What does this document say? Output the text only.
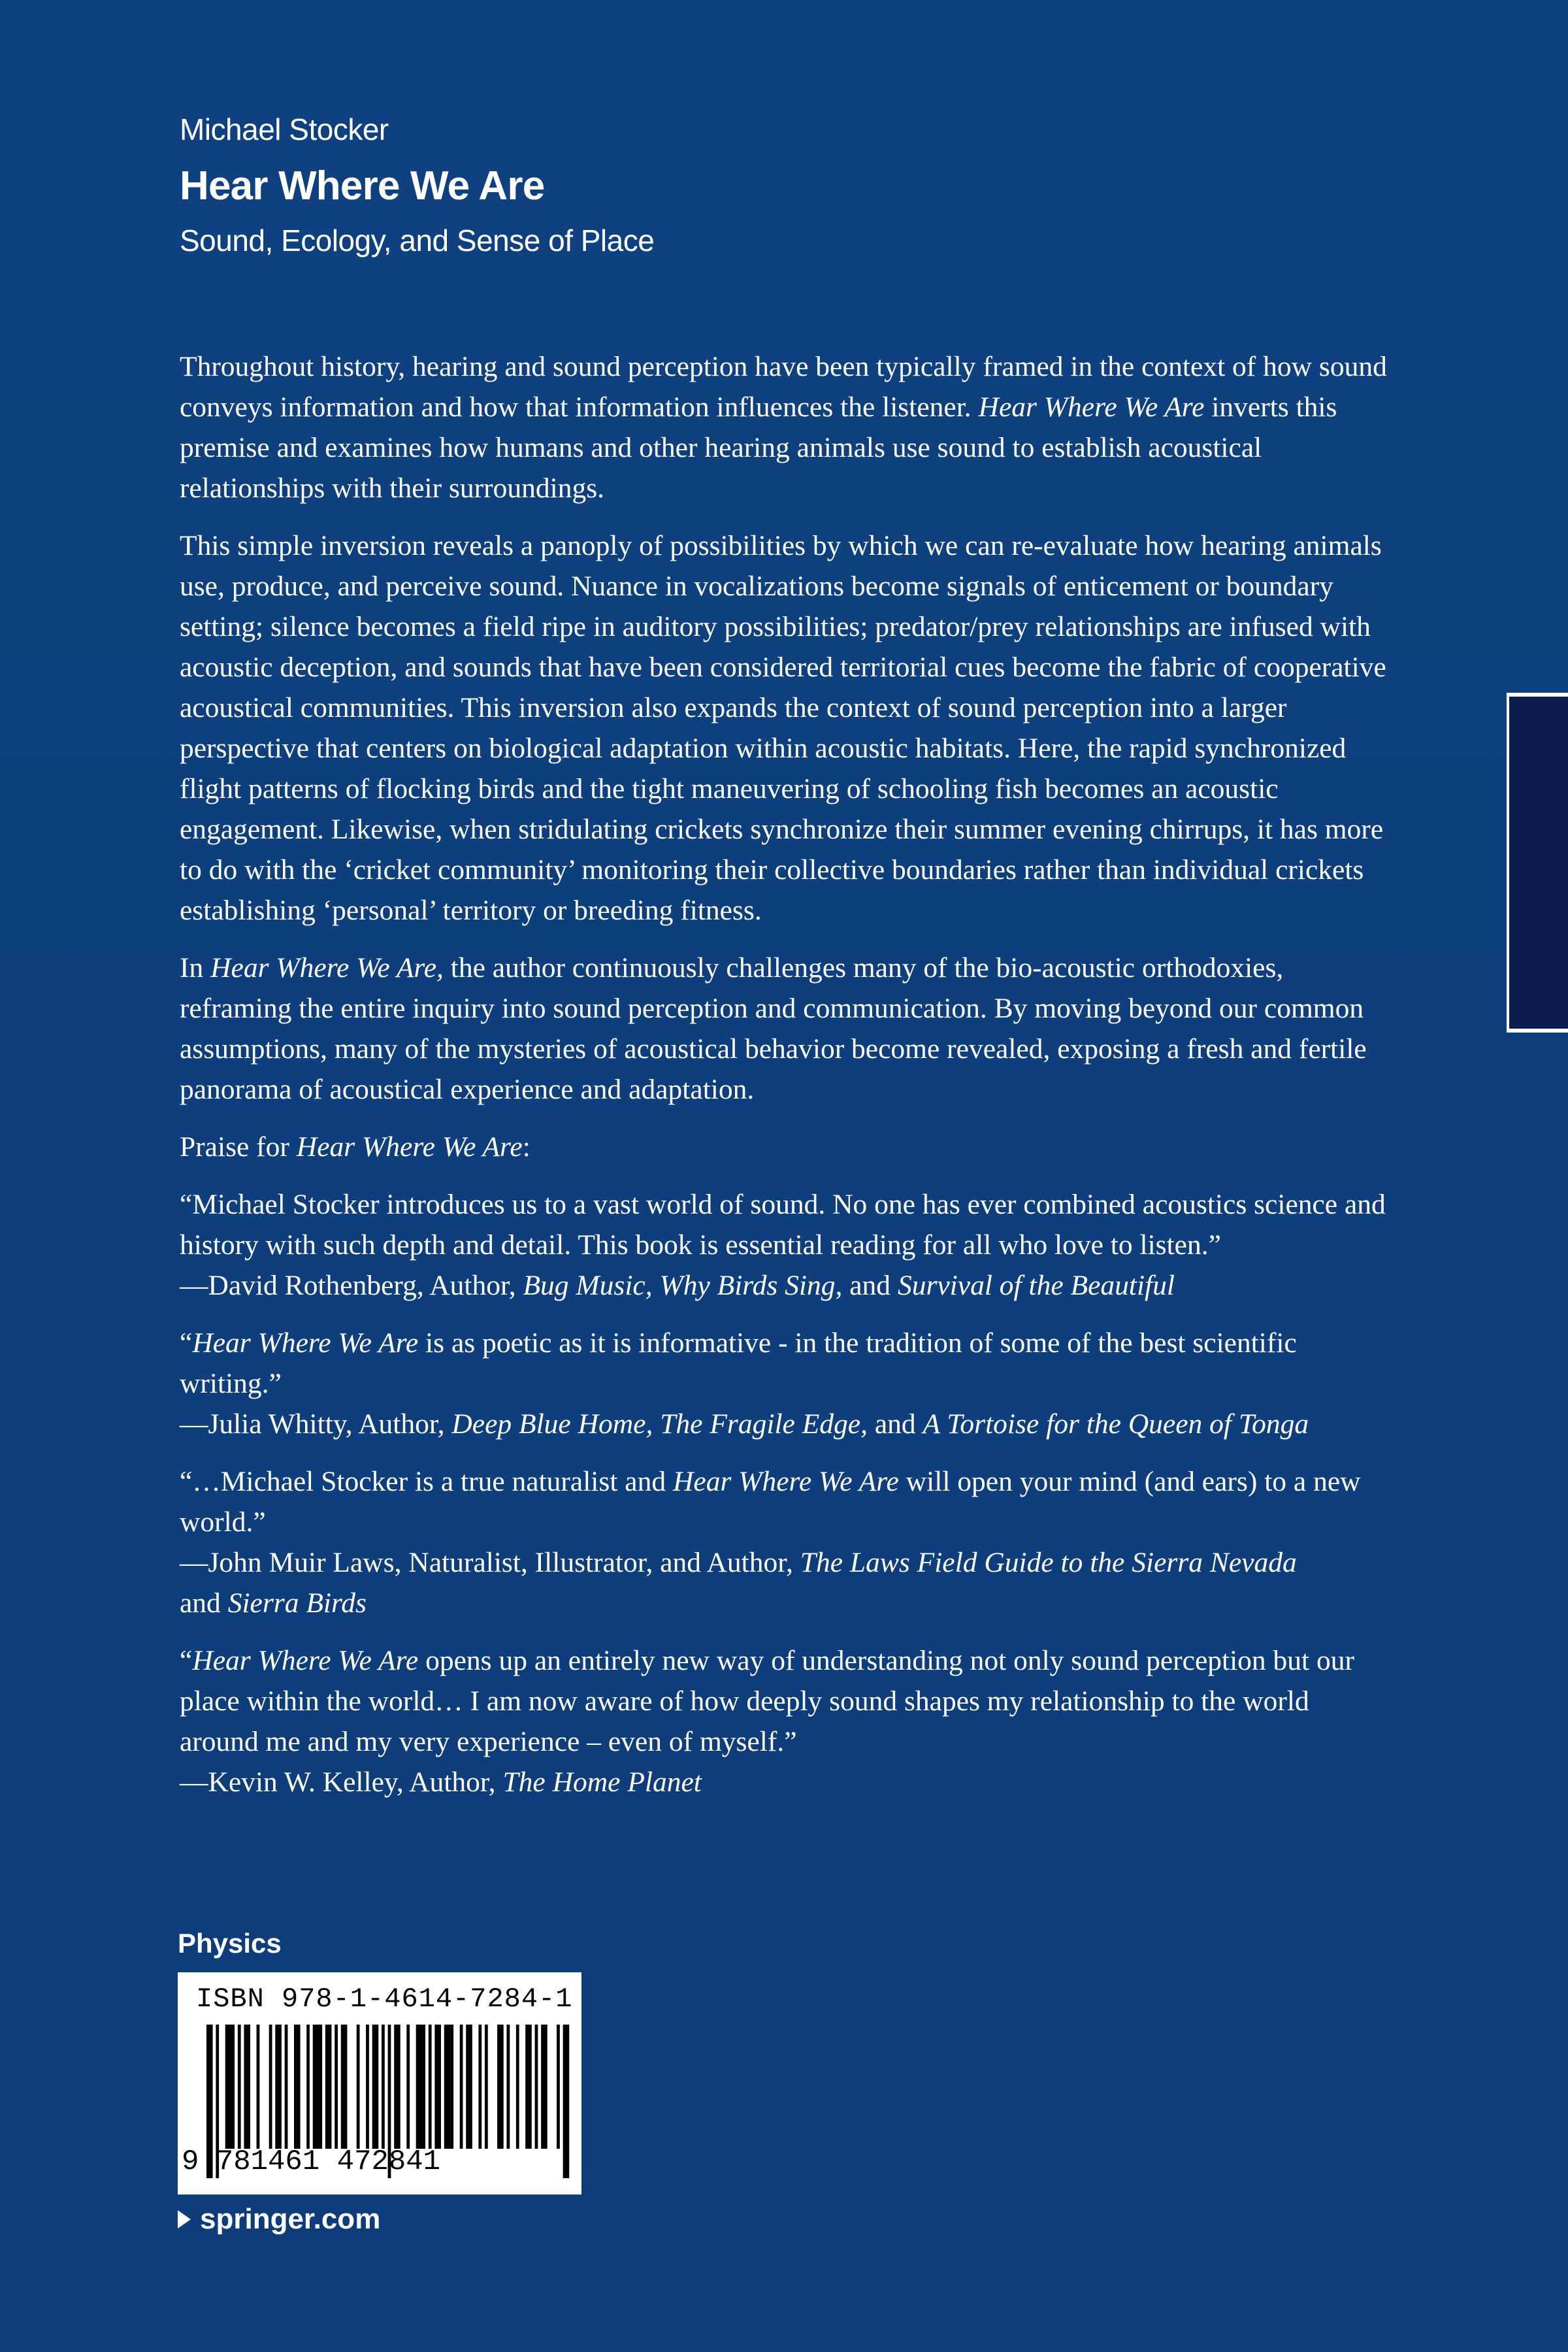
Michael Stocker
Hear Where We Are
Sound, Ecology, and Sense of Place

Throughout history, hearing and sound perception have been typically framed in the context of how sound conveys information and how that information influences the listener. Hear Where We Are inverts this premise and examines how humans and other hearing animals use sound to establish acoustical relationships with their surroundings.

This simple inversion reveals a panoply of possibilities by which we can re-evaluate how hearing animals use, produce, and perceive sound. Nuance in vocalizations become signals of enticement or boundary setting; silence becomes a field ripe in auditory possibilities; predator/prey relationships are infused with acoustic deception, and sounds that have been considered territorial cues become the fabric of cooperative acoustical communities. This inversion also expands the context of sound perception into a larger perspective that centers on biological adaptation within acoustic habitats. Here, the rapid synchronized flight patterns of flocking birds and the tight maneuvering of schooling fish becomes an acoustic engagement. Likewise, when stridulating crickets synchronize their summer evening chirrups, it has more to do with the ‘cricket community’ monitoring their collective boundaries rather than individual crickets establishing ‘personal’ territory or breeding fitness.

In Hear Where We Are, the author continuously challenges many of the bio-acoustic orthodoxies, reframing the entire inquiry into sound perception and communication. By moving beyond our common assumptions, many of the mysteries of acoustical behavior become revealed, exposing a fresh and fertile panorama of acoustical experience and adaptation.

Praise for Hear Where We Are:

“Michael Stocker introduces us to a vast world of sound. No one has ever combined acoustics science and history with such depth and detail. This book is essential reading for all who love to listen.”
—David Rothenberg, Author, Bug Music, Why Birds Sing, and Survival of the Beautiful
“Hear Where We Are is as poetic as it is informative - in the tradition of some of the best scientific writing.”
—Julia Whitty, Author, Deep Blue Home, The Fragile Edge, and A Tortoise for the Queen of Tonga
“…Michael Stocker is a true naturalist and Hear Where We Are will open your mind (and ears) to a new world.”
—John Muir Laws, Naturalist, Illustrator, and Author, The Laws Field Guide to the Sierra Nevada
and Sierra Birds
“Hear Where We Are opens up an entirely new way of understanding not only sound perception but our place within the world… I am now aware of how deeply sound shapes my relationship to the world around me and my very experience – even of myself.”
—Kevin W. Kelley, Author, The Home Planet
Physics
ISBN 978-1-4614-7284-1
9 781461 472841
springer.com
